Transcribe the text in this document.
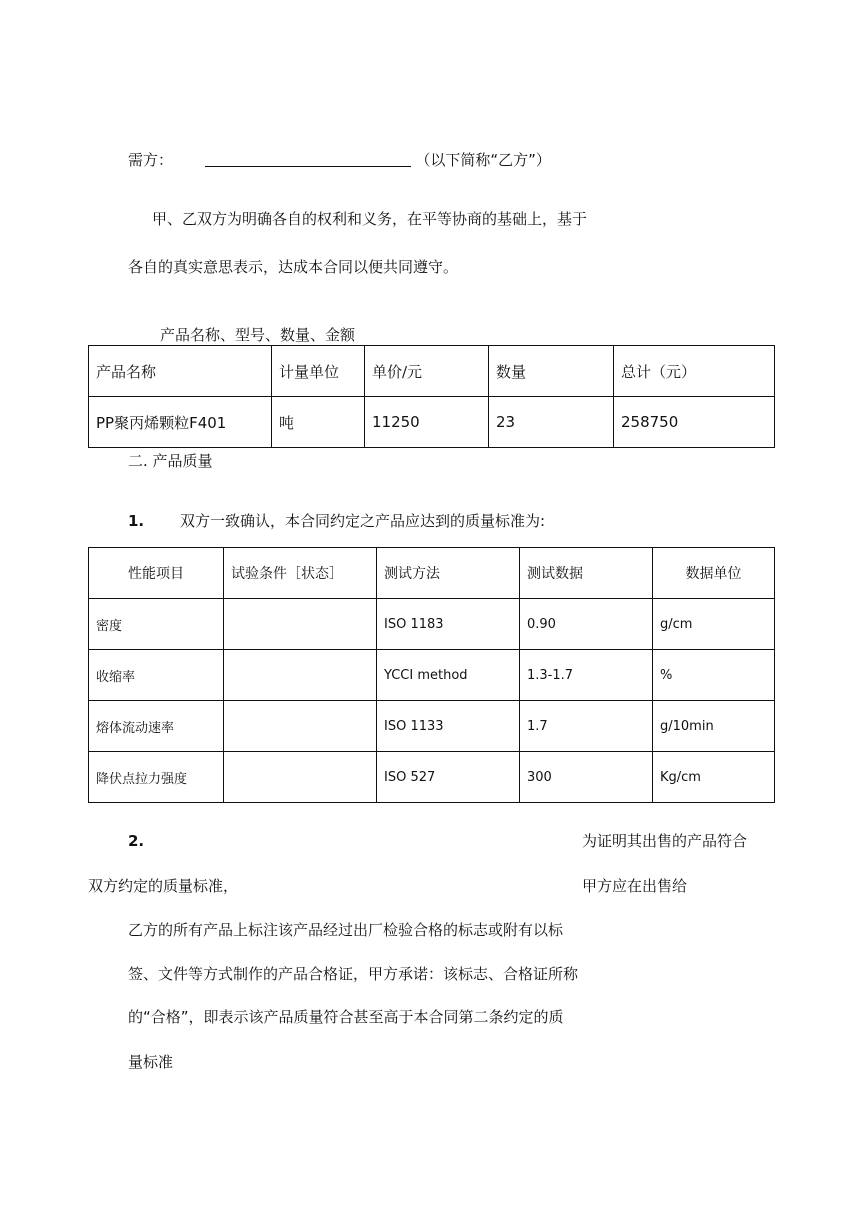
需方：	（以下简称“乙方”）
甲、乙双方为明确各自的权利和义务，在平等协商的基础上，基于
各自的真实意思表示，达成本合同以便共同遵守。
产品名称、型号、数量、金额
产品名称	计量单位	单价/元	数量	总计（元）
PP聚丙烯颗粒F401	吨	11250	23	258750
二. 产品质量
1. 双方一致确认，本合同约定之产品应达到的质量标准为:
性能项目	试验条件［状态］	测试方法	测试数据	数据单位
密度		ISO 1183	0.90	g/cm
收缩率		YCCI method	1.3-1.7	%
熔体流动速率		ISO 1133	1.7	g/10min
降伏点拉力强度		ISO 527	300	Kg/cm
2.	为证明其出售的产品符合
双方约定的质量标准，	甲方应在出售给
乙方的所有产品上标注该产品经过出厂检验合格的标志或附有以标
签、文件等方式制作的产品合格证，甲方承诺：该标志、合格证所称
的“合格”，即表示该产品质量符合甚至高于本合同第二条约定的质
量标准
